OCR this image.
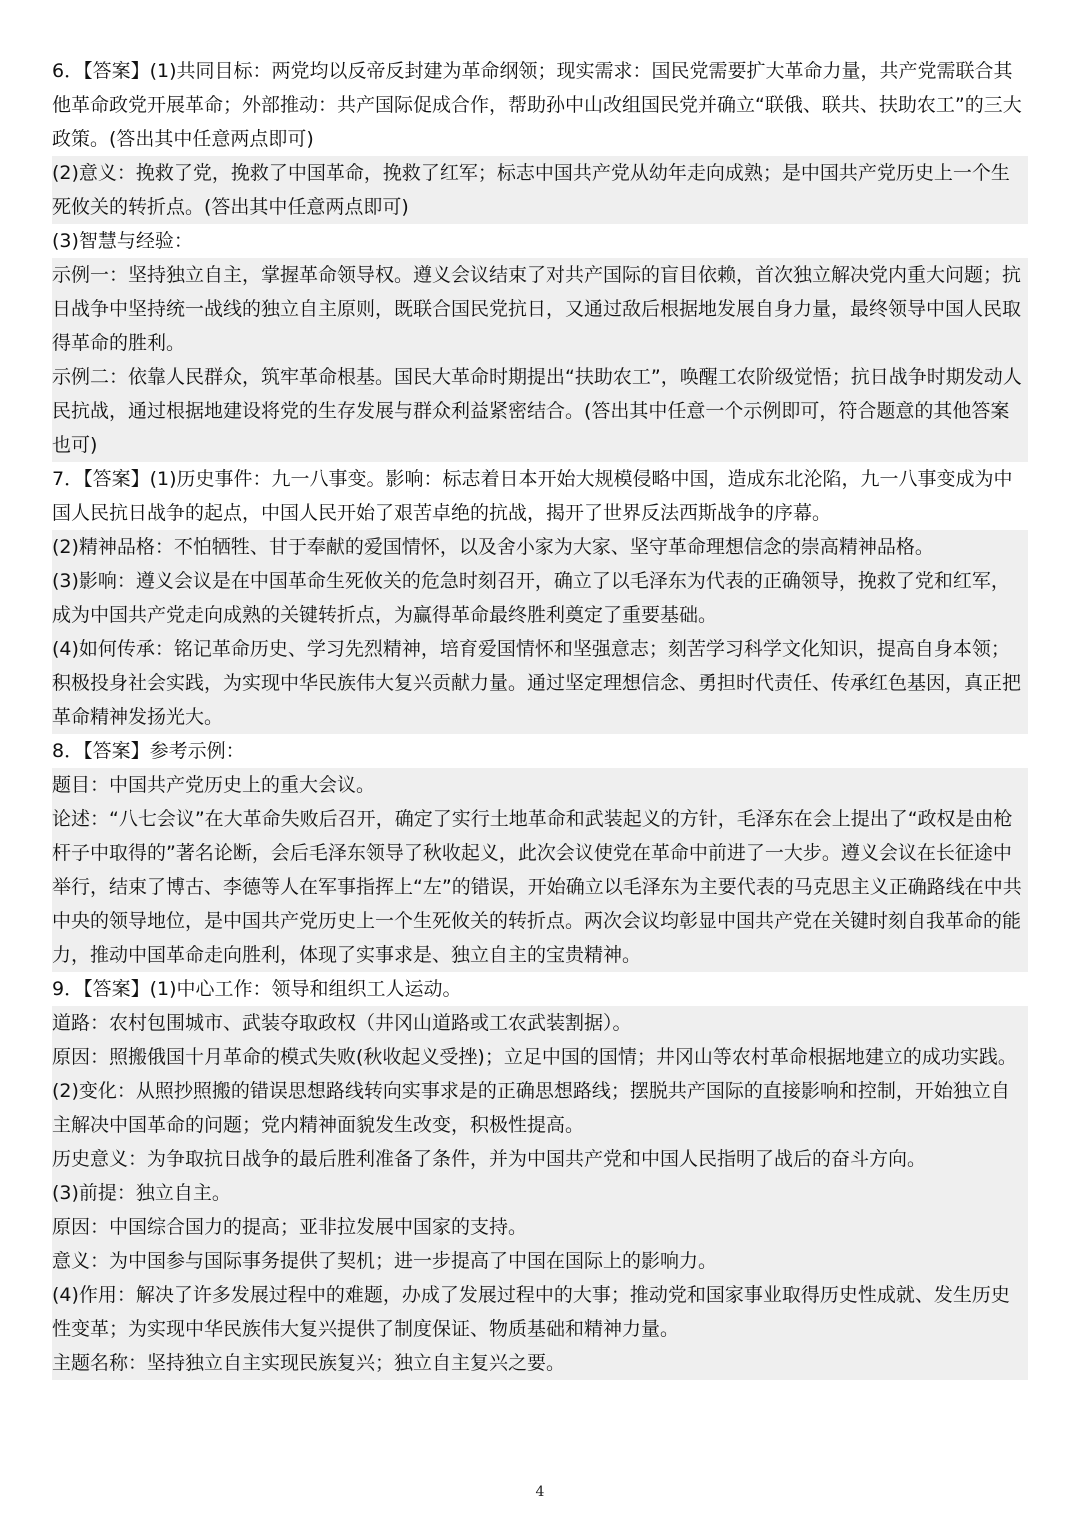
6．【答案】(1)共同目标：两党均以反帝反封建为革命纲领；现实需求：国民党需要扩大革命力量，共产党需联合其他革命政党开展革命；外部推动：共产国际促成合作，帮助孙中山改组国民党并确立“联俄、联共、扶助农工”的三大政策。(答出其中任意两点即可)

(2)意义：挽救了党，挽救了中国革命，挽救了红军；标志中国共产党从幼年走向成熟；是中国共产党历史上一个生死攸关的转折点。(答出其中任意两点即可)

(3)智慧与经验：

示例一：坚持独立自主，掌握革命领导权。遵义会议结束了对共产国际的盲目依赖，首次独立解决党内重大问题；抗日战争中坚持统一战线的独立自主原则，既联合国民党抗日，又通过敌后根据地发展自身力量，最终领导中国人民取得革命的胜利。

示例二：依靠人民群众，筑牢革命根基。国民大革命时期提出“扶助农工”，唤醒工农阶级觉悟；抗日战争时期发动人民抗战，通过根据地建设将党的生存发展与群众利益紧密结合。(答出其中任意一个示例即可，符合题意的其他答案也可)

7．【答案】(1)历史事件：九一八事变。影响：标志着日本开始大规模侵略中国，造成东北沦陷，九一八事变成为中国人民抗日战争的起点，中国人民开始了艰苦卓绝的抗战，揭开了世界反法西斯战争的序幕。

(2)精神品格：不怕牺牲、甘于奉献的爱国情怀，以及舍小家为大家、坚守革命理想信念的崇高精神品格。

(3)影响：遵义会议是在中国革命生死攸关的危急时刻召开，确立了以毛泽东为代表的正确领导，挽救了党和红军，成为中国共产党走向成熟的关键转折点，为赢得革命最终胜利奠定了重要基础。

(4)如何传承：铭记革命历史、学习先烈精神，培育爱国情怀和坚强意志；刻苦学习科学文化知识，提高自身本领；积极投身社会实践，为实现中华民族伟大复兴贡献力量。通过坚定理想信念、勇担时代责任、传承红色基因，真正把革命精神发扬光大。

8．【答案】参考示例：

题目：中国共产党历史上的重大会议。

论述：“八七会议”在大革命失败后召开，确定了实行土地革命和武装起义的方针，毛泽东在会上提出了“政权是由枪杆子中取得的”著名论断，会后毛泽东领导了秋收起义，此次会议使党在革命中前进了一大步。遵义会议在长征途中举行，结束了博古、李德等人在军事指挥上“左”的错误，开始确立以毛泽东为主要代表的马克思主义正确路线在中共中央的领导地位，是中国共产党历史上一个生死攸关的转折点。两次会议均彰显中国共产党在关键时刻自我革命的能力，推动中国革命走向胜利，体现了实事求是、独立自主的宝贵精神。

9．【答案】(1)中心工作：领导和组织工人运动。

道路：农村包围城市、武装夺取政权（井冈山道路或工农武装割据）。

原因：照搬俄国十月革命的模式失败(秋收起义受挫)；立足中国的国情；井冈山等农村革命根据地建立的成功实践。

(2)变化：从照抄照搬的错误思想路线转向实事求是的正确思想路线；摆脱共产国际的直接影响和控制，开始独立自主解决中国革命的问题；党内精神面貌发生改变，积极性提高。

历史意义：为争取抗日战争的最后胜利准备了条件，并为中国共产党和中国人民指明了战后的奋斗方向。

(3)前提：独立自主。

原因：中国综合国力的提高；亚非拉发展中国家的支持。

意义：为中国参与国际事务提供了契机；进一步提高了中国在国际上的影响力。

(4)作用：解决了许多发展过程中的难题，办成了发展过程中的大事；推动党和国家事业取得历史性成就、发生历史性变革；为实现中华民族伟大复兴提供了制度保证、物质基础和精神力量。

主题名称：坚持独立自主实现民族复兴；独立自主复兴之要。

4
